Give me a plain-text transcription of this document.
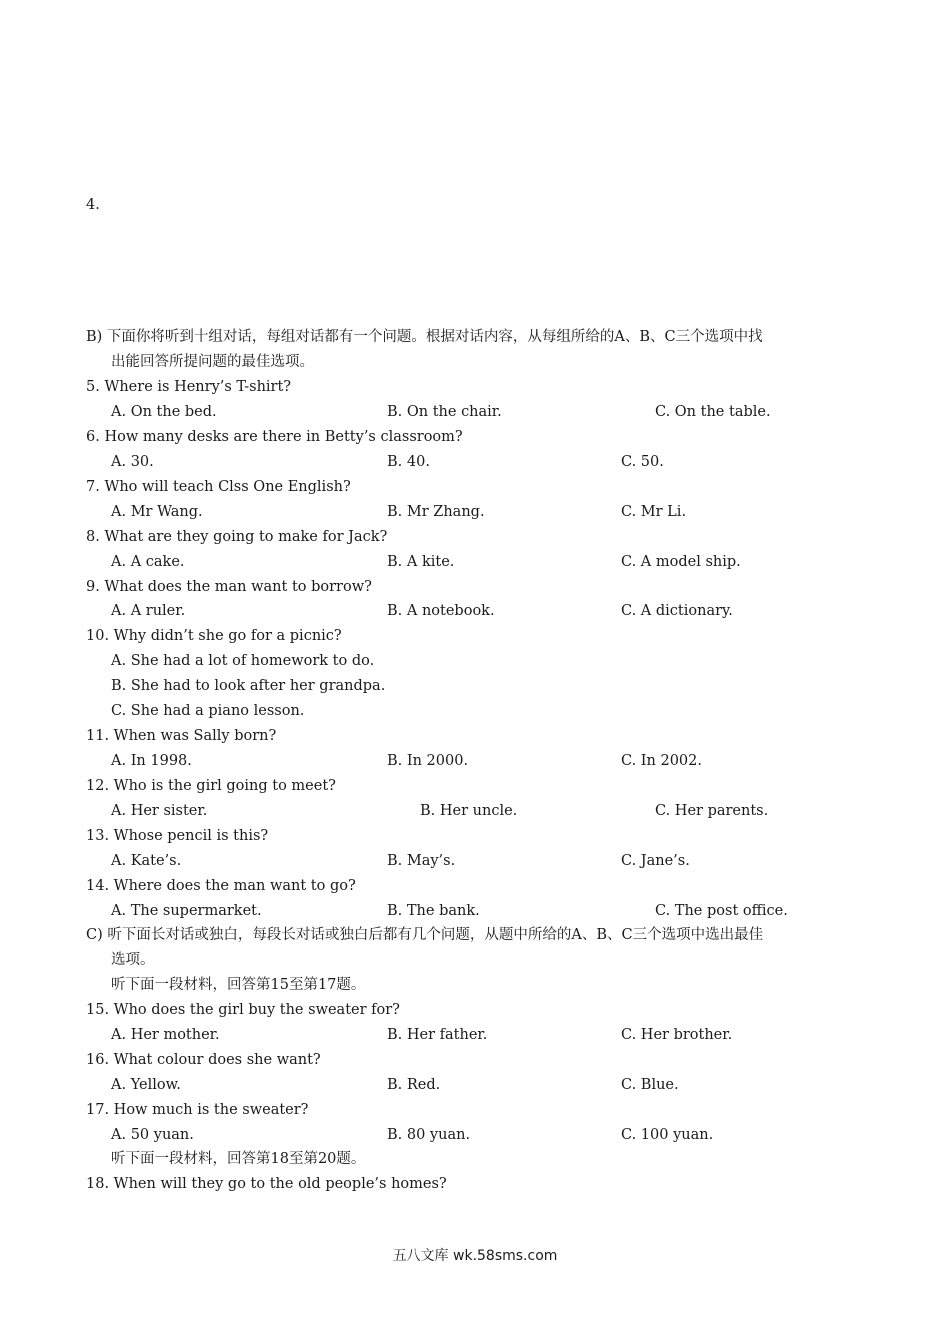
4.
B) 下面你将听到十组对话，每组对话都有一个问题。根据对话内容，从每组所给的A、B、C三个选项中找
出能回答所提问题的最佳选项。
5. Where is Henry’s T-shirt?
A. On the bed.	B. On the chair.	C. On the table.
6. How many desks are there in Betty’s classroom?
A. 30.	B. 40.	C. 50.
7. Who will teach Clss One English?
A. Mr Wang.	B. Mr Zhang.	C. Mr Li.
8. What are they going to make for Jack?
A. A cake.	B. A kite.	C. A model ship.
9. What does the man want to borrow?
A. A ruler.	B. A notebook.	C. A dictionary.
10. Why didn’t she go for a picnic?
A. She had a lot of homework to do.
B. She had to look after her grandpa.
C. She had a piano lesson.
11. When was Sally born?
A. In 1998.	B. In 2000.	C. In 2002.
12. Who is the girl going to meet?
A. Her sister.	B. Her uncle.	C. Her parents.
13. Whose pencil is this?
A. Kate’s.	B. May’s.	C. Jane’s.
14. Where does the man want to go?
A. The supermarket.	B. The bank.	C. The post office.
C) 听下面长对话或独白，每段长对话或独白后都有几个问题，从题中所给的A、B、C三个选项中选出最佳
选项。
听下面一段材料，回答第15至第17题。
15. Who does the girl buy the sweater for?
A. Her mother.	B. Her father.	C. Her brother.
16. What colour does she want?
A. Yellow.	B. Red.	C. Blue.
17. How much is the sweater?
A. 50 yuan.	B. 80 yuan.	C. 100 yuan.
听下面一段材料，回答第18至第20题。
18. When will they go to the old people’s homes?
五八文库 wk.58sms.com
